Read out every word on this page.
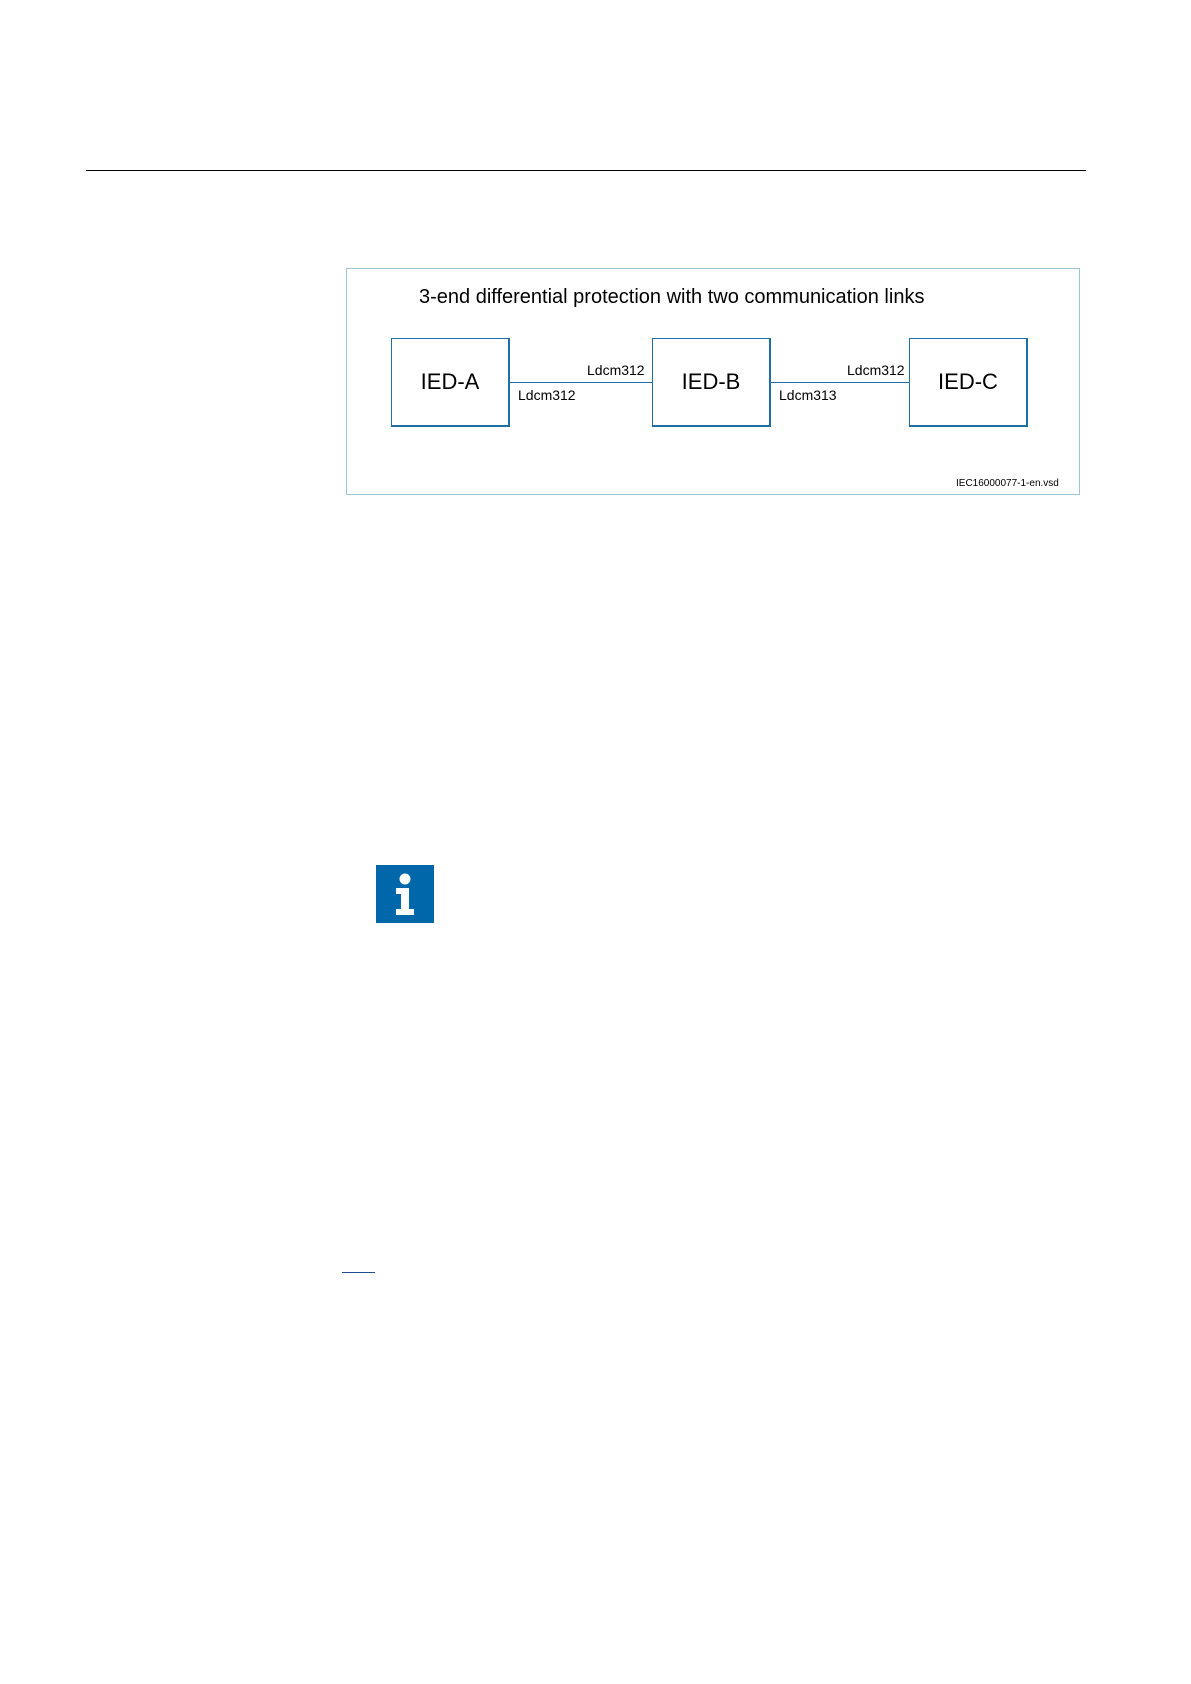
3-end differential protection with two communication links
IED-A	IED-B	IED-C
Ldcm312
Ldcm312
Ldcm312
Ldcm313
IEC16000077-1-en.vsd
